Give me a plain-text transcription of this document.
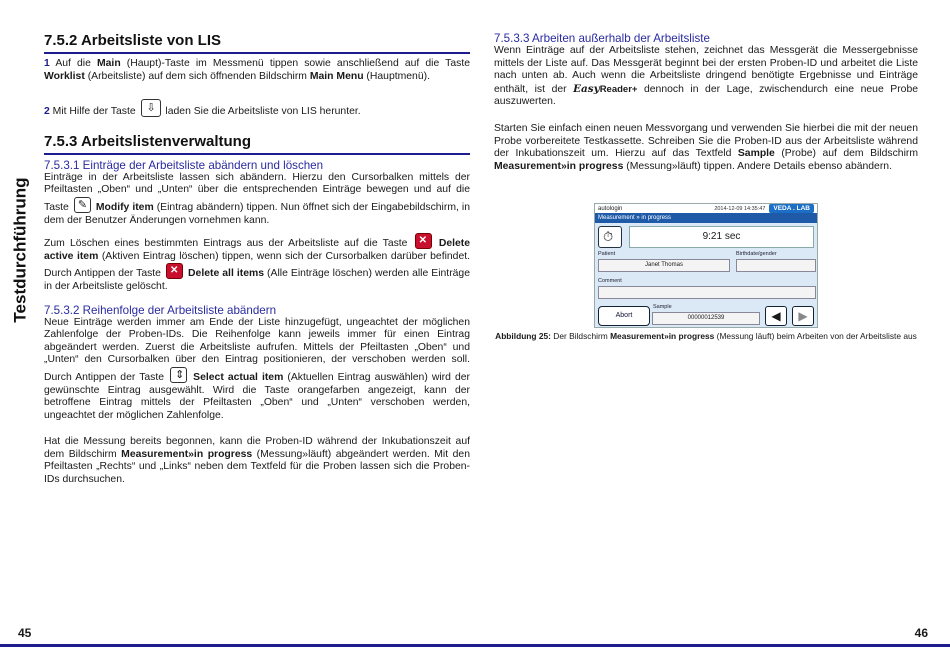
Testdurchführung
7.5.2 Arbeitsliste von LIS

1 Auf die Main (Haupt)-Taste im Messmenü tippen sowie anschließend auf die Taste Worklist (Arbeitsliste) auf dem sich öffnenden Bildschirm Main Menu (Hauptmenü).

2 Mit Hilfe der Taste ⇩ laden Sie die Arbeitsliste von LIS herunter.

7.5.3 Arbeitslistenverwaltung
7.5.3.1 Einträge der Arbeitsliste abändern und löschen

Einträge in der Arbeitsliste lassen sich abändern. Hierzu den Cursorbalken mittels der Pfeiltasten „Oben“ und „Unten“ über die entsprechenden Einträge bewegen und auf die Taste ✎ Modify item (Eintrag abändern) tippen. Nun öffnet sich der Eingabebildschirm, in dem der Benutzer Änderungen vornehmen kann.

Zum Löschen eines bestimmten Eintrags aus der Arbeitsliste auf die Taste ✕ Delete active item (Aktiven Eintrag löschen) tippen, wenn sich der Cursorbalken darüber befindet. Durch Antippen der Taste ✕ Delete all items (Alle Einträge löschen) werden alle Einträge in der Arbeitsliste gelöscht.

7.5.3.2 Reihenfolge der Arbeitsliste abändern

Neue Einträge werden immer am Ende der Liste hinzugefügt, ungeachtet der möglichen Zahlenfolge der Proben-IDs. Die Reihenfolge kann jeweils immer für einen Eintrag abgeändert werden. Zuerst die Arbeitsliste aufrufen. Mittels der Pfeiltasten „Oben“ und „Unten“ den Cursorbalken über den Eintrag positionieren, der verschoben werden soll. Durch Antippen der Taste ⇕ Select actual item (Aktuellen Eintrag auswählen) wird der gewünschte Eintrag ausgewählt. Wird die Taste orangefarben angezeigt, kann der betroffene Eintrag mittels der Pfeiltasten „Oben“ und „Unten“ verschoben werden, ungeachtet der möglichen Zahlenfolge.

Hat die Messung bereits begonnen, kann die Proben-ID während der Inkubationszeit auf dem Bildschirm Measurement»in progress (Messung»läuft) abgeändert werden. Mit den Pfeiltasten „Rechts“ und „Links“ neben dem Textfeld für die Proben lassen sich die Proben-IDs durchsuchen.

7.5.3.3 Arbeiten außerhalb der Arbeitsliste

Wenn Einträge auf der Arbeitsliste stehen, zeichnet das Messgerät die Messergebnisse mittels der Liste auf. Das Messgerät beginnt bei der ersten Proben-ID und arbeitet die Liste nach unten ab. Auch wenn die Arbeitsliste dringend benötigte Ergebnisse und Einträge enthält, ist der EasyReader+ dennoch in der Lage, zwischendurch eine neue Probe auszuwerten.

Starten Sie einfach einen neuen Messvorgang und verwenden Sie hierbei die mit der neuen Probe vorbereitete Testkassette. Schreiben Sie die Proben-ID aus der Arbeitsliste während der Inkubationszeit um. Hierzu auf das Textfeld Sample (Probe) auf dem Bildschirm Measurement»in progress (Messung»läuft) tippen. Andere Details ebenso abändern.

autologin	2014-12-09 14:35:47	VEDA . LAB
Measurement » in progress
⏱
9:21 sec
Patient
Janet Thomas
Birthdate/gender
Comment
Sample
00000012539
Abort	◀	▶
Abbildung 25: Der Bildschirm Measurement»in progress (Messung läuft) beim Arbeiten von der Arbeitsliste aus
45	46
